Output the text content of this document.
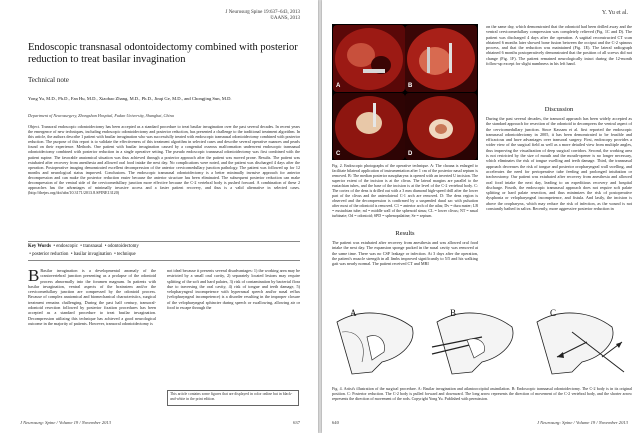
J Neurosurg Spine 19:637–643, 2013
©AANS, 2013
Endoscopic transnasal odontoidectomy combined with posterior reduction to treat basilar invagination
Technical note
Yong Yu, M.D., Ph.D., Fan Hu, M.D., Xiaobao Zhang, M.D., Ph.D., Jinqi Ge, M.D., and Chongjing Sun, M.D.
Department of Neurosurgery, Zhongshan Hospital, Fudan University, Shanghai, China
Object. Transoral endoscopic odontoidectomy has been accepted as a standard procedure to treat basilar invagination over the past several decades. In recent years the emergence of new techniques, including endoscopic odontoidectomy and posterior reduction, has presented a challenge to the traditional treatment algorithm. In this article, the authors describe 1 patient with basilar invagination who was successfully treated with endoscopic transnasal odontoidectomy combined with posterior reduction. The purpose of this report is to validate the effectiveness of this treatment algorithm in selected cases and describe several operative nuances and pearls found on their experience. Methods. One patient with basilar invagination caused by a congenital osseous malformation underwent endoscopic transnasal odontoidectomy combined with posterior reduction in a single operative setting. The pseudo endoscopic transnasal odontoidectomy was first combined with the patient supine. The favorable anatomical situation was thus achieved through a posterior approach after the patient was moved prone. Results. The patient was extubated after recovery from anesthesia and allowed oral food intake the next day. No complications were noted, and the patient was discharged 4 days after the operation. Postoperative imaging demonstrated excellent decompression of the anterior cervicomedullary junction pathology. The patient was followed up for 12 months and neurological status improved. Conclusions. The endoscopic transnasal odontoidectomy is a better minimally invasive approach for anterior decompression and can make the posterior reduction easier because the anterior structure has been eliminated. The subsequent posterior reduction can make decompression of the ventral side of the cervicomedullary junction more effective because the C-2 vertebral body is pushed forward. A combination of these 2 approaches has the advantages of minimally invasive access and a faster patient recovery, and thus is a valid alternative in selected cases. (http://thejns.org/doi/abs/10.3171/2013.8.SPINE13120)
Key Words  • endoscopic  • transnasal  • odontoidectomy
• posterior reduction  • basilar invagination  • technique
B Basilar invagination is a developmental anomaly of the craniovertebral junction presenting as a prolapse of the odontoid process abnormally into the foramen magnum. In patients with basilar invagination, ventral aspects of the brainstem and/or the cervicomedullary junction are compressed by the odontoid process. Because of complex anatomical and biomechanical characteristics, surgical treatment remains challenging. During the past half century, transoral-odontoid resection followed by posterior fixation procedures has been accepted as a standard procedure to treat basilar invagination. Decompression utilizing this technique has achieved a good neurological outcome in the majority of patients. However, transoral odontoidectomy is
not ideal because it presents several disadvantages: 1) the working area may be restricted by a small oral cavity, 2) separately located lesions may require splitting of the soft and hard palates, 3) risk of contamination by bacterial flora due to traversing the oral cavity, 4) risk of tongue and teeth damage, 5) velopharyngeal incompetence with hypernasal speech and/or nasal reflux (velopharyngeal incompetence) is a disorder resulting in the improper closure of the velopharyngeal sphincter during speech or swallowing, allowing air or food to escape through the
This article contains some figures that are displayed in color online but in black-and-white in the print edition.
J Neurosurg: Spine / Volume 19 / November 2013	637
Y. Yu et al.
A	B
C	D
Fig. 2. Endoscopic photographs of the operative technique. A: The choana is enlarged to facilitate bilateral application of instrumentation after 1 cm of the posterior nasal septum is removed. B: The median posterior nasopharynx is opened with an inverted U incision. The superior extent of the incision is at the clivus. The lateral margins are parallel to the eustachian tubes, and the base of the incision is at the level of the C-2 vertebral body. C: The cortex of the dens is drilled out with a 3 mm diamond high-speed drill after the lower part of the clivus and the anterolateral C-1 arch are removed. D: The dens region is observed and the decompression is confirmed by a suspended dural sac with pulsation after most of the odontoid is removed. C1 = anterior arch of the atlas; Dv = dura mater; LB = eustachian tube; ml = middle wall of the sphenoid sinus; CL = lower clivus; NT = nasal turbinate; Od = odontoid; SPD = sphenopalatine; Se = septum.
Results
The patient was extubated after recovery from anesthesia and was allowed oral food intake the next day. The expansion sponge packed in the nasal cavity was removed at the same time. There was no CSF leakage or infection. At 3 days after the operation, the patient's muscle strength in all limbs improved significantly to 5/5 and his walking gait was nearly normal. The patient received CT and MRI
on the same day, which demonstrated that the odontoid had been drilled away and the ventral cervicomedullary compression was completely relieved (Fig. 1C and D). The patient was discharged 4 days after the operation. A sagittal reconstructed CT scan obtained 6 months later showed bone fusion between the occiput and the C-2 spinous process, and that the reduction was maintained (Fig. 1E). The lateral radiograph obtained 6 months postoperatively demonstrated that the position of all screws did not change (Fig. 1F). The patient remained neurologically intact during the 12-month follow-up except for slight numbness in his left hand.
Discussion
During the past several decades, the transoral approach has been widely accepted as the standard approach for resection of the odontoid to decompress the ventral aspect of the cervicomedullary junction. Since Kassam et al. first reported the endoscopic transnasal odontoidectomy in 2005, it has been demonstrated to be feasible and efficacious and have advantages over transoral surgery. First, endoscopy provides a wider view of the surgical field as well as a more detailed view from multiple angles, thus improving the visualization of deep surgical corridors. Second, the working area is not restricted by the size of mouth and the mouth-opener is no longer necessary, which eliminates the risk of tongue swelling and teeth damage. Third, the transnasal approach decreases the risk of tongue and posterior oropharyngeal wall swelling, and accelerates the need for perioperative tube feeding and prolonged intubation or tracheostomy. Our patient was extubated after recovery from anesthesia and allowed oral food intake the next day, leading to an expeditious recovery and hospital discharge. Fourth, the endoscopic transnasal approach does not require soft palate splitting or hard palate resection, and thus minimizes the risk of postoperative dysphonia or velopharyngeal incompetence, and fistula. And lastly, the incision is above the oropharynx, which may reduce the risk of infection, as the wound is not constantly bathed in saliva. Recently, more aggressive posterior reduction in
A	B	C
Fig. 4. Artist's illustration of the surgical procedure. A: Basilar invagination and atlantooccipital assimilation. B: Endoscopic transnasal odontoidectomy. The C-2 body is in its original position. C: Posterior reduction. The C-2 body is pulled forward and downward. The long arrow represents the direction of movement of the C-2 vertebral body, and the shorter arrow represents the direction of movement of the rods. Copyright Yong Yu. Published with permission.
640	J Neurosurg: Spine / Volume 19 / November 2013
